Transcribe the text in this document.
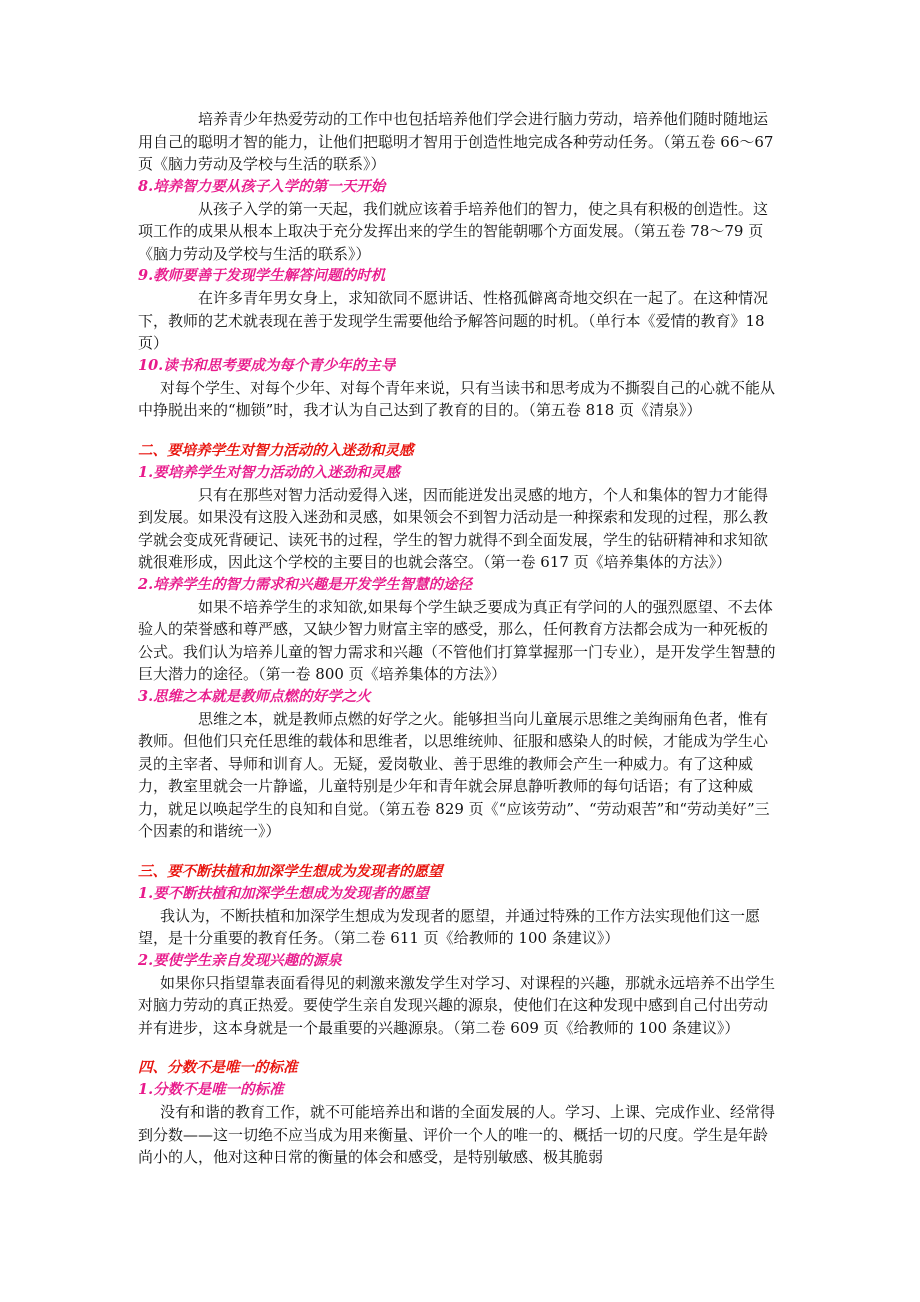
培养青少年热爱劳动的工作中也包括培养他们学会进行脑力劳动，培养他们随时随地运用自己的聪明才智的能力，让他们把聪明才智用于创造性地完成各种劳动任务。（第五卷 66～67 页《脑力劳动及学校与生活的联系》）

8.培养智力要从孩子入学的第一天开始

从孩子入学的第一天起，我们就应该着手培养他们的智力，使之具有积极的创造性。这项工作的成果从根本上取决于充分发挥出来的学生的智能朝哪个方面发展。（第五卷 78～79 页《脑力劳动及学校与生活的联系》）

9.教师要善于发现学生解答问题的时机

在许多青年男女身上，求知欲同不愿讲话、性格孤僻离奇地交织在一起了。在这种情况下，教师的艺术就表现在善于发现学生需要他给予解答问题的时机。（单行本《爱情的教育》18 页）

10.读书和思考要成为每个青少年的主导

对每个学生、对每个少年、对每个青年来说，只有当读书和思考成为不撕裂自己的心就不能从中挣脱出来的“枷锁”时，我才认为自己达到了教育的目的。（第五卷 818 页《清泉》）

二、要培养学生对智力活动的入迷劲和灵感

1.要培养学生对智力活动的入迷劲和灵感

只有在那些对智力活动爱得入迷，因而能迸发出灵感的地方，个人和集体的智力才能得到发展。如果没有这股入迷劲和灵感，如果领会不到智力活动是一种探索和发现的过程，那么教学就会变成死背硬记、读死书的过程，学生的智力就得不到全面发展，学生的钻研精神和求知欲就很难形成，因此这个学校的主要目的也就会落空。（第一卷 617 页《培养集体的方法》）

2.培养学生的智力需求和兴趣是开发学生智慧的途径

如果不培养学生的求知欲,如果每个学生缺乏要成为真正有学问的人的强烈愿望、不去体验人的荣誉感和尊严感，又缺少智力财富主宰的感受，那么，任何教育方法都会成为一种死板的公式。我们认为培养儿童的智力需求和兴趣（不管他们打算掌握那一门专业），是开发学生智慧的巨大潜力的途径。（第一卷 800 页《培养集体的方法》）

3.思维之本就是教师点燃的好学之火

思维之本，就是教师点燃的好学之火。能够担当向儿童展示思维之美绚丽角色者，惟有教师。但他们只充任思维的载体和思维者，以思维统帅、征服和感染人的时候，才能成为学生心灵的主宰者、导师和训育人。无疑，爱岗敬业、善于思维的教师会产生一种威力。有了这种威力，教室里就会一片静谧，儿童特别是少年和青年就会屏息静听教师的每句话语；有了这种威力，就足以唤起学生的良知和自觉。（第五卷 829 页《“应该劳动”、“劳动艰苦”和“劳动美好”三个因素的和谐统一》）

三、要不断扶植和加深学生想成为发现者的愿望

1.要不断扶植和加深学生想成为发现者的愿望

我认为，不断扶植和加深学生想成为发现者的愿望，并通过特殊的工作方法实现他们这一愿望，是十分重要的教育任务。（第二卷 611 页《给教师的 100 条建议》）

2.要使学生亲自发现兴趣的源泉

如果你只指望靠表面看得见的刺激来激发学生对学习、对课程的兴趣，那就永远培养不出学生对脑力劳动的真正热爱。要使学生亲自发现兴趣的源泉，使他们在这种发现中感到自己付出劳动并有进步，这本身就是一个最重要的兴趣源泉。（第二卷 609 页《给教师的 100 条建议》）

四、分数不是唯一的标准

1.分数不是唯一的标准

没有和谐的教育工作，就不可能培养出和谐的全面发展的人。学习、上课、完成作业、经常得到分数——这一切绝不应当成为用来衡量、评价一个人的唯一的、概括一切的尺度。学生是年龄尚小的人，他对这种日常的衡量的体会和感受，是特别敏感、极其脆弱
